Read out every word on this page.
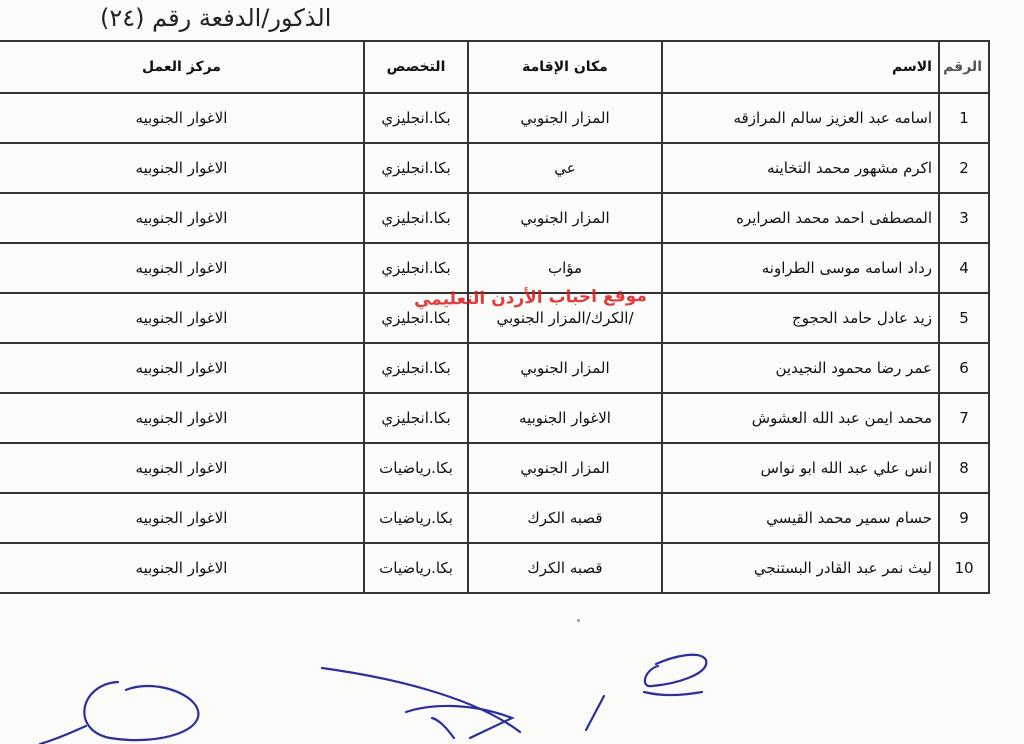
الذكور/الدفعة رقم (٢٤)
الرقم	الاسم	مكان الإقامة	التخصص	مركز العمل
1	اسامه عبد العزيز سالم المرازقه	المزار الجنوبي	بكا.انجليزي	الاغوار الجنوبيه
2	اكرم مشهور محمد التخاينه	عي	بكا.انجليزي	الاغوار الجنوبيه
3	المصطفى احمد محمد الصرايره	المزار الجنوبي	بكا.انجليزي	الاغوار الجنوبيه
4	رداد اسامه موسى الطراونه	مؤاب	بكا.انجليزي	الاغوار الجنوبيه
5	زيد عادل حامد الحجوج	/الكرك/المزار الجنوبي	بكا.انجليزي	الاغوار الجنوبيه
6	عمر رضا محمود النجيدين	المزار الجنوبي	بكا.انجليزي	الاغوار الجنوبيه
7	محمد ايمن عبد الله العشوش	الاغوار الجنوبيه	بكا.انجليزي	الاغوار الجنوبيه
8	انس علي عبد الله ابو نواس	المزار الجنوبي	بكا.رياضيات	الاغوار الجنوبيه
9	حسام سمير محمد القيسي	قصبه الكرك	بكا.رياضيات	الاغوار الجنوبيه
10	ليث نمر عبد القادر البستنجي	قصبه الكرك	بكا.رياضيات	الاغوار الجنوبيه
موقع احباب الأردن التعليمي
